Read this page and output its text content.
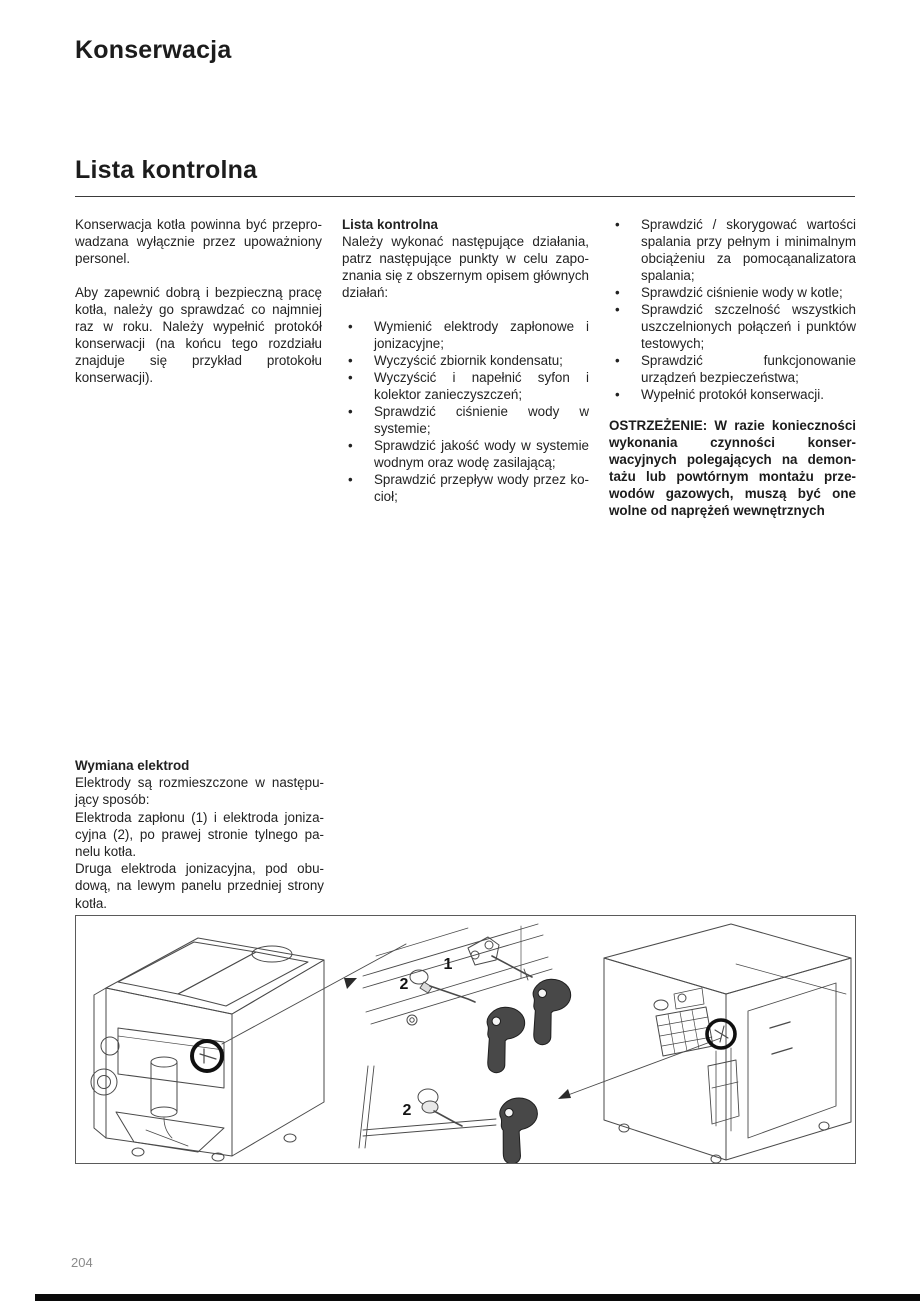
Konserwacja
Lista kontrolna

Konserwacja kotła powinna być przeprowadzana wyłącznie przez upoważniony personel.

Aby zapewnić dobrą i bezpieczną pracę kotła, należy go sprawdzać co najmniej raz w roku. Należy wypełnić protokół konserwacji (na końcu tego rozdziału znajduje się przykład protokołu konserwacji).

Lista kontrolna

Należy wykonać następujące działania, patrz następujące punkty w celu zapoznania się z obszernym opisem głównych działań:

• Wymienić elektrody zapłonowe i jonizacyjne;
• Wyczyścić zbiornik kondensatu;
• Wyczyścić i napełnić syfon i kolektor zanieczyszczeń;
• Sprawdzić ciśnienie wody w systemie;
• Sprawdzić jakość wody w systemie wodnym oraz wodę zasilającą;
• Sprawdzić przepływ wody przez kocioł;
• Sprawdzić / skorygować wartości spalania przy pełnym i minimalnym obciążeniu za pomocąanalizatora spalania;
• Sprawdzić ciśnienie wody w kotle;
• Sprawdzić szczelność wszystkich uszczelnionych połączeń i punktów testowych;
• Sprawdzić funkcjonowanie urządzeń bezpieczeństwa;
• Wypełnić protokół konserwacji.
OSTRZEŻENIE: W razie konieczności wykonania czynności konserwacyjnych polegających na demontażu lub powtórnym montażu przewodów gazowych, muszą być one wolne od naprężeń wewnętrznych
Wymiana elektrod
Elektrody są rozmieszczone w następujący sposób:
Elektroda zapłonu (1) i elektroda jonizacyjna (2), po prawej stronie tylnego panelu kotła.
Druga elektroda jonizacyjna, pod obudową, na lewym panelu przedniej strony kotła.
1
2
2
204
